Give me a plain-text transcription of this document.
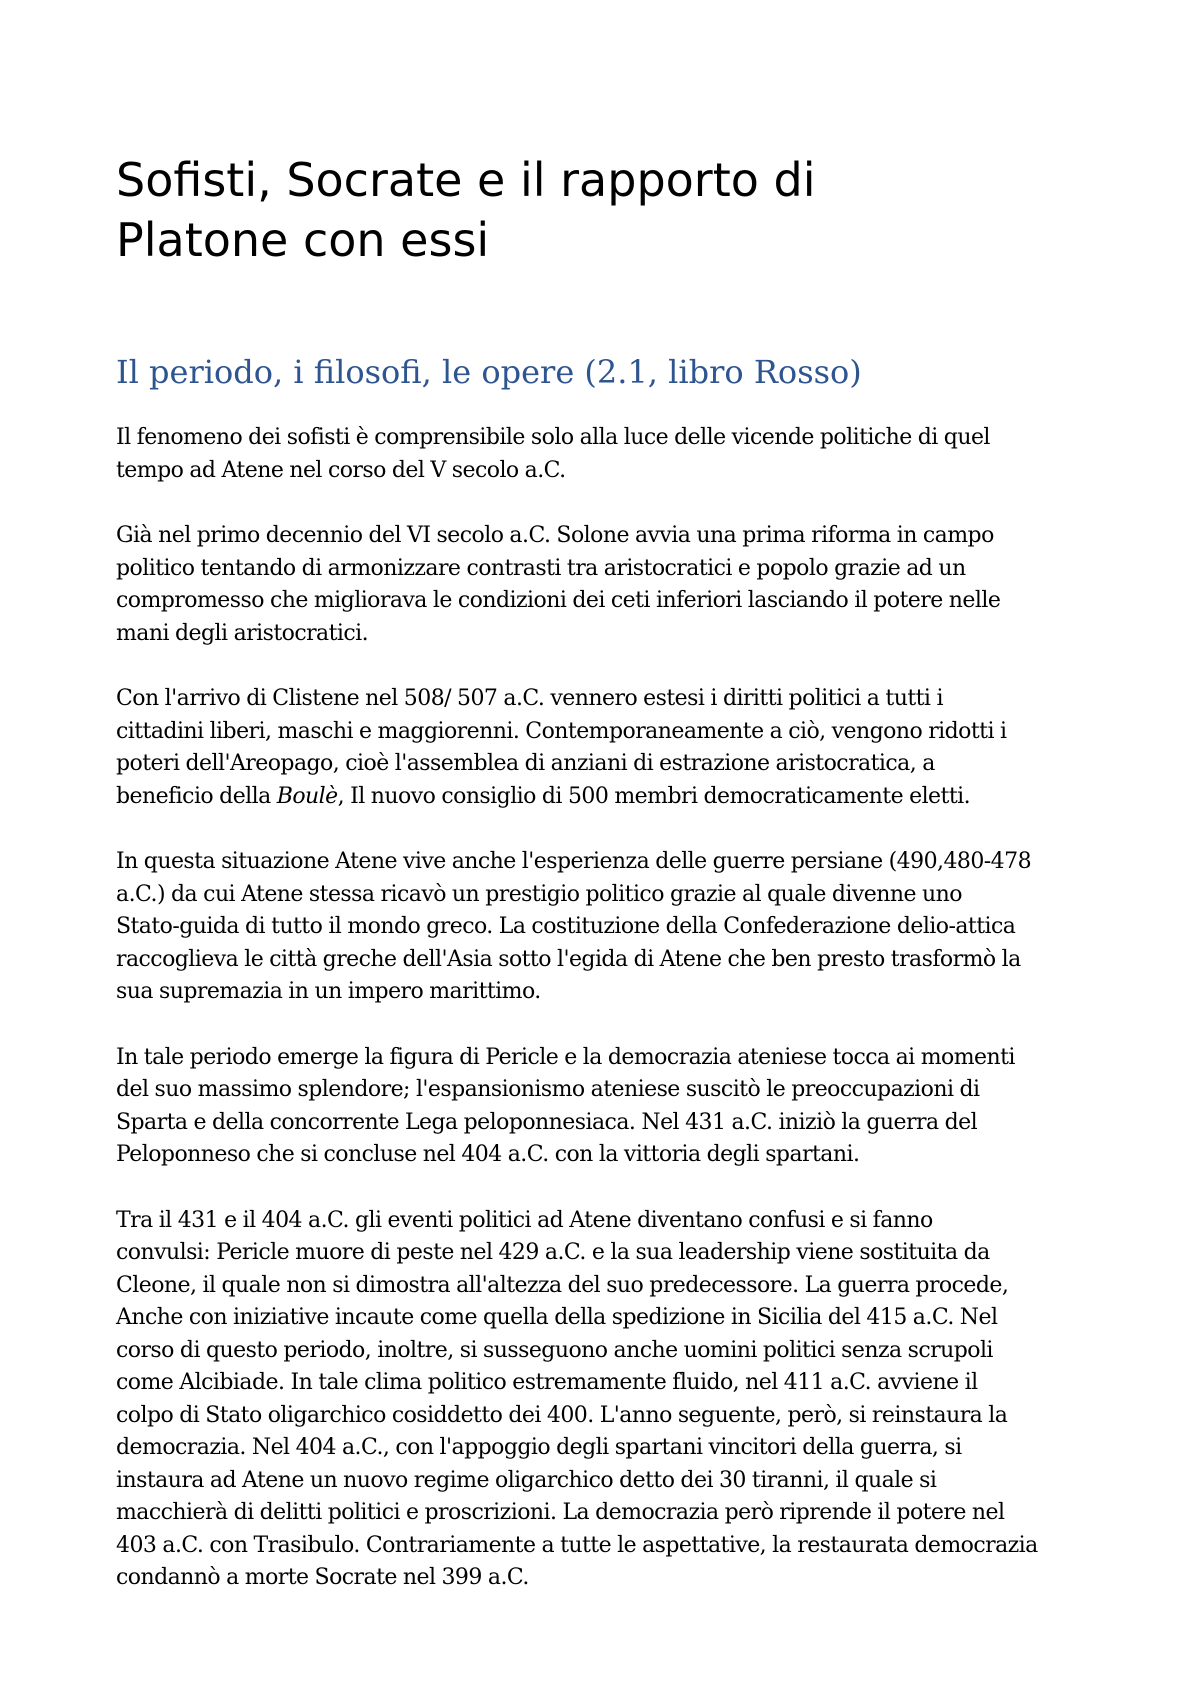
Sofisti, Socrate e il rapporto di
Platone con essi
Il periodo, i filosofi, le opere (2.1, libro Rosso)

Il fenomeno dei sofisti è comprensibile solo alla luce delle vicende politiche di quel
tempo ad Atene nel corso del V secolo a.C.

Già nel primo decennio del VI secolo a.C. Solone avvia una prima riforma in campo
politico tentando di armonizzare contrasti tra aristocratici e popolo grazie ad un
compromesso che migliorava le condizioni dei ceti inferiori lasciando il potere nelle
mani degli aristocratici.

Con l'arrivo di Clistene nel 508/ 507 a.C. vennero estesi i diritti politici a tutti i
cittadini liberi, maschi e maggiorenni. Contemporaneamente a ciò, vengono ridotti i
poteri dell'Areopago, cioè l'assemblea di anziani di estrazione aristocratica, a
beneficio della Boulè, Il nuovo consiglio di 500 membri democraticamente eletti.

In questa situazione Atene vive anche l'esperienza delle guerre persiane (490,480-478
a.C.) da cui Atene stessa ricavò un prestigio politico grazie al quale divenne uno
Stato-guida di tutto il mondo greco. La costituzione della Confederazione delio-attica
raccoglieva le città greche dell'Asia sotto l'egida di Atene che ben presto trasformò la
sua supremazia in un impero marittimo.

In tale periodo emerge la figura di Pericle e la democrazia ateniese tocca ai momenti
del suo massimo splendore; l'espansionismo ateniese suscitò le preoccupazioni di
Sparta e della concorrente Lega peloponnesiaca. Nel 431 a.C. iniziò la guerra del
Peloponneso che si concluse nel 404 a.C. con la vittoria degli spartani.

Tra il 431 e il 404 a.C. gli eventi politici ad Atene diventano confusi e si fanno
convulsi: Pericle muore di peste nel 429 a.C. e la sua leadership viene sostituita da
Cleone, il quale non si dimostra all'altezza del suo predecessore. La guerra procede,
Anche con iniziative incaute come quella della spedizione in Sicilia del 415 a.C. Nel
corso di questo periodo, inoltre, si susseguono anche uomini politici senza scrupoli
come Alcibiade. In tale clima politico estremamente fluido, nel 411 a.C. avviene il
colpo di Stato oligarchico cosiddetto dei 400. L'anno seguente, però, si reinstaura la
democrazia. Nel 404 a.C., con l'appoggio degli spartani vincitori della guerra, si
instaura ad Atene un nuovo regime oligarchico detto dei 30 tiranni, il quale si
macchierà di delitti politici e proscrizioni. La democrazia però riprende il potere nel
403 a.C. con Trasibulo. Contrariamente a tutte le aspettative, la restaurata democrazia
condannò a morte Socrate nel 399 a.C.
